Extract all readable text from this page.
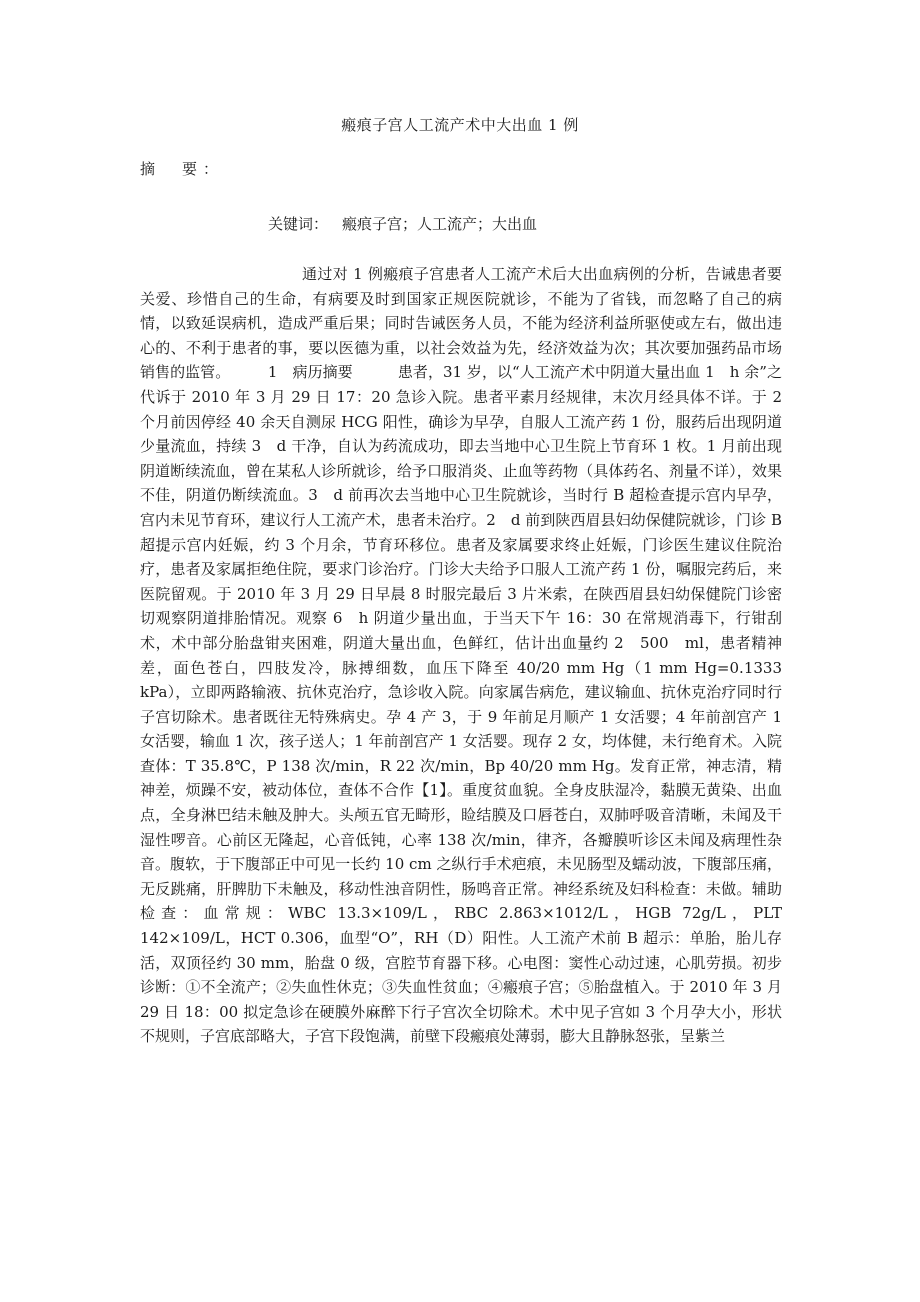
瘢痕子宫人工流产术中大出血 1 例
摘　要：
关键词： 瘢痕子宫；人工流产；大出血

通过对 1 例瘢痕子宫患者人工流产术后大出血病例的分析，告诫患者要关爱、珍惜自己的生命，有病要及时到国家正规医院就诊，不能为了省钱，而忽略了自己的病情，以致延误病机，造成严重后果；同时告诫医务人员，不能为经济利益所驱使或左右，做出违心的、不利于患者的事，要以医德为重，以社会效益为先，经济效益为次；其次要加强药品市场销售的监管。　　　1　病历摘要　　　患者，31 岁，以“人工流产术中阴道大量出血 1　h 余”之代诉于 2010 年 3 月 29 日 17：20 急诊入院。患者平素月经规律，末次月经具体不详。于 2 个月前因停经 40 余天自测尿 HCG 阳性，确诊为早孕，自服人工流产药 1 份，服药后出现阴道少量流血，持续 3　d 干净，自认为药流成功，即去当地中心卫生院上节育环 1 枚。1 月前出现阴道断续流血，曾在某私人诊所就诊，给予口服消炎、止血等药物（具体药名、剂量不详），效果不佳，阴道仍断续流血。3　d 前再次去当地中心卫生院就诊，当时行 B 超检查提示宫内早孕，宫内未见节育环，建议行人工流产术，患者未治疗。2　d 前到陕西眉县妇幼保健院就诊，门诊 B 超提示宫内妊娠，约 3 个月余，节育环移位。患者及家属要求终止妊娠，门诊医生建议住院治疗，患者及家属拒绝住院，要求门诊治疗。门诊大夫给予口服人工流产药 1 份，嘱服完药后，来医院留观。于 2010 年 3 月 29 日早晨 8 时服完最后 3 片米索，在陕西眉县妇幼保健院门诊密切观察阴道排胎情况。观察 6　h 阴道少量出血，于当天下午 16：30 在常规消毒下，行钳刮术，术中部分胎盘钳夹困难，阴道大量出血，色鲜红，估计出血量约 2　500　ml，患者精神差，面色苍白，四肢发冷，脉搏细数，血压下降至 40/20 mm Hg（1 mm Hg=0.1333 kPa），立即两路输液、抗休克治疗，急诊收入院。向家属告病危，建议输血、抗休克治疗同时行子宫切除术。患者既往无特殊病史。孕 4 产 3，于 9 年前足月顺产 1 女活婴；4 年前剖宫产 1 女活婴，输血 1 次，孩子送人；1 年前剖宫产 1 女活婴。现存 2 女，均体健，未行绝育术。入院查体：T 35.8℃，P 138 次/min，R 22 次/min，Bp 40/20 mm Hg。发育正常，神志清，精神差，烦躁不安，被动体位，查体不合作【1】。重度贫血貌。全身皮肤湿冷，黏膜无黄染、出血点，全身淋巴结未触及肿大。头颅五官无畸形，睑结膜及口唇苍白，双肺呼吸音清晰，未闻及干湿性啰音。心前区无隆起，心音低钝，心率 138 次/min，律齐，各瓣膜听诊区未闻及病理性杂音。腹软，于下腹部正中可见一长约 10 cm 之纵行手术疤痕，未见肠型及蠕动波，下腹部压痛，无反跳痛，肝脾肋下未触及，移动性浊音阴性，肠鸣音正常。神经系统及妇科检查：未做。辅助检查：血常规：WBC 13.3×109/L，RBC 2.863×1012/L，HGB 72g/L，PLT 142×109/L，HCT 0.306，血型“O”，RH（D）阳性。人工流产术前 B 超示：单胎，胎儿存活，双顶径约 30 mm，胎盘 0 级，宫腔节育器下移。心电图：窦性心动过速，心肌劳损。初步诊断：①不全流产；②失血性休克；③失血性贫血；④瘢痕子宫；⑤胎盘植入。于 2010 年 3 月 29 日 18：00 拟定急诊在硬膜外麻醉下行子宫次全切除术。术中见子宫如 3 个月孕大小，形状不规则，子宫底部略大，子宫下段饱满，前壁下段瘢痕处薄弱，膨大且静脉怒张，呈紫兰
